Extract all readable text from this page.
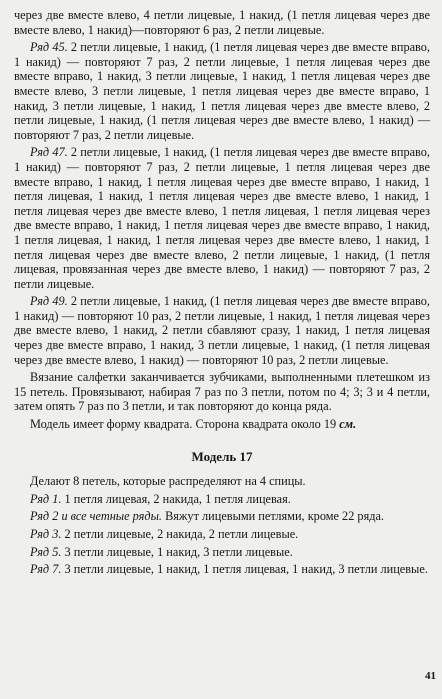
через две вместе влево, 4 петли лицевые, 1 накид, (1 петля лицевая через две вместе влево, 1 накид)—повторяют 6 раз, 2 петли лицевые.

Ряд 45. 2 петли лицевые, 1 накид, (1 петля лицевая через две вместе вправо, 1 накид) — повторяют 7 раз, 2 петли лицевые, 1 петля лицевая через две вместе вправо, 1 накид, 3 петли лицевые, 1 накид, 1 петля лицевая через две вместе влево, 3 петли лицевые, 1 петля лицевая через две вместе вправо, 1 накид, 3 петли лицевые, 1 накид, 1 петля лицевая через две вместе влево, 2 петли лицевые, 1 накид, (1 петля лицевая через две вместе влево, 1 накид) — повторяют 7 раз, 2 петли лицевые.

Ряд 47. 2 петли лицевые, 1 накид, (1 петля лицевая через две вместе вправо, 1 накид) — повторяют 7 раз, 2 петли лицевые, 1 петля лицевая через две вместе вправо, 1 накид, 1 петля лицевая через две вместе вправо, 1 накид, 1 петля лицевая, 1 накид, 1 петля лицевая через две вместе влево, 1 накид, 1 петля лицевая через две вместе влево, 1 петля лицевая, 1 петля лицевая через две вместе вправо, 1 накид, 1 петля лицевая через две вместе вправо, 1 накид, 1 петля лицевая, 1 накид, 1 петля лицевая через две вместе влево, 1 накид, 1 петля лицевая через две вместе влево, 2 петли лицевые, 1 накид, (1 петля лицевая, провязанная через две вместе влево, 1 накид) — повторяют 7 раз, 2 петли лицевые.

Ряд 49. 2 петли лицевые, 1 накид, (1 петля лицевая через две вместе вправо, 1 накид) — повторяют 10 раз, 2 петли лицевые, 1 накид, 1 петля лицевая через две вместе влево, 1 накид, 2 петли сбавляют сразу, 1 накид, 1 петля лицевая через две вместе вправо, 1 накид, 3 петли лицевые, 1 накид, (1 петля лицевая через две вместе влево, 1 накид) — повторяют 10 раз, 2 петли лицевые.

Вязание салфетки заканчивается зубчиками, выполненными плетешком из 15 петель. Провязывают, набирая 7 раз по 3 петли, потом по 4; 3; 3 и 4 петли, затем опять 7 раз по 3 петли, и так повторяют до конца ряда.

Модель имеет форму квадрата. Сторона квадрата около 19 см.

Модель 17

Делают 8 петель, которые распределяют на 4 спицы.

Ряд 1. 1 петля лицевая, 2 накида, 1 петля лицевая.

Ряд 2 и все четные ряды. Вяжут лицевыми петлями, кроме 22 ряда.

Ряд 3. 2 петли лицевые, 2 накида, 2 петли лицевые.

Ряд 5. 3 петли лицевые, 1 накид, 3 петли лицевые.

Ряд 7. 3 петли лицевые, 1 накид, 1 петля лицевая, 1 накид, 3 петли лицевые.

41
